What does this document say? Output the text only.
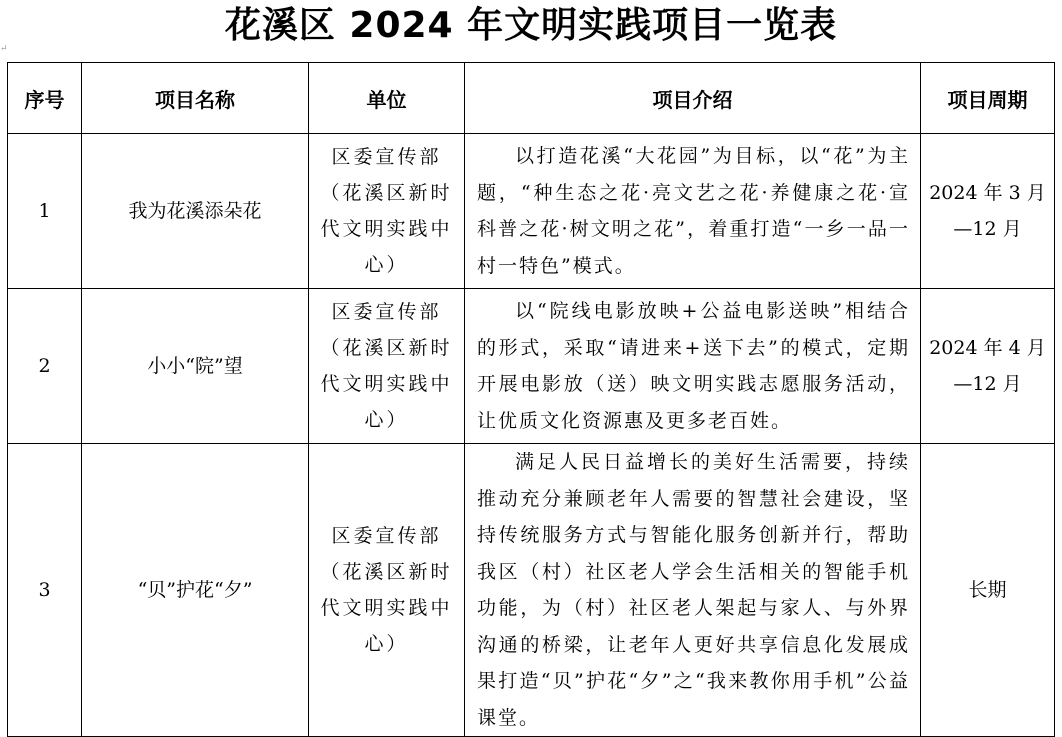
花溪区 2024 年文明实践项目一览表
↵
序号	项目名称	单位	项目介绍	项目周期
1	我为花溪添朵花	区委宣传部（花溪区新时代文明实践中心）	以打造花溪“大花园”为目标，以“花”为主题，“种生态之花·亮文艺之花·养健康之花·宣科普之花·树文明之花”，着重打造“一乡一品一村一特色”模式。	2024 年 3 月—12 月
2	小小“院”望	区委宣传部（花溪区新时代文明实践中心）	以“院线电影放映+公益电影送映”相结合的形式，采取“请进来+送下去”的模式，定期开展电影放（送）映文明实践志愿服务活动，让优质文化资源惠及更多老百姓。	2024 年 4 月—12 月
3	“贝”护花“夕”	区委宣传部（花溪区新时代文明实践中心）	满足人民日益增长的美好生活需要，持续推动充分兼顾老年人需要的智慧社会建设，坚持传统服务方式与智能化服务创新并行，帮助我区（村）社区老人学会生活相关的智能手机功能，为（村）社区老人架起与家人、与外界沟通的桥梁，让老年人更好共享信息化发展成果打造“贝”护花“夕”之“我来教你用手机”公益课堂。	长期
